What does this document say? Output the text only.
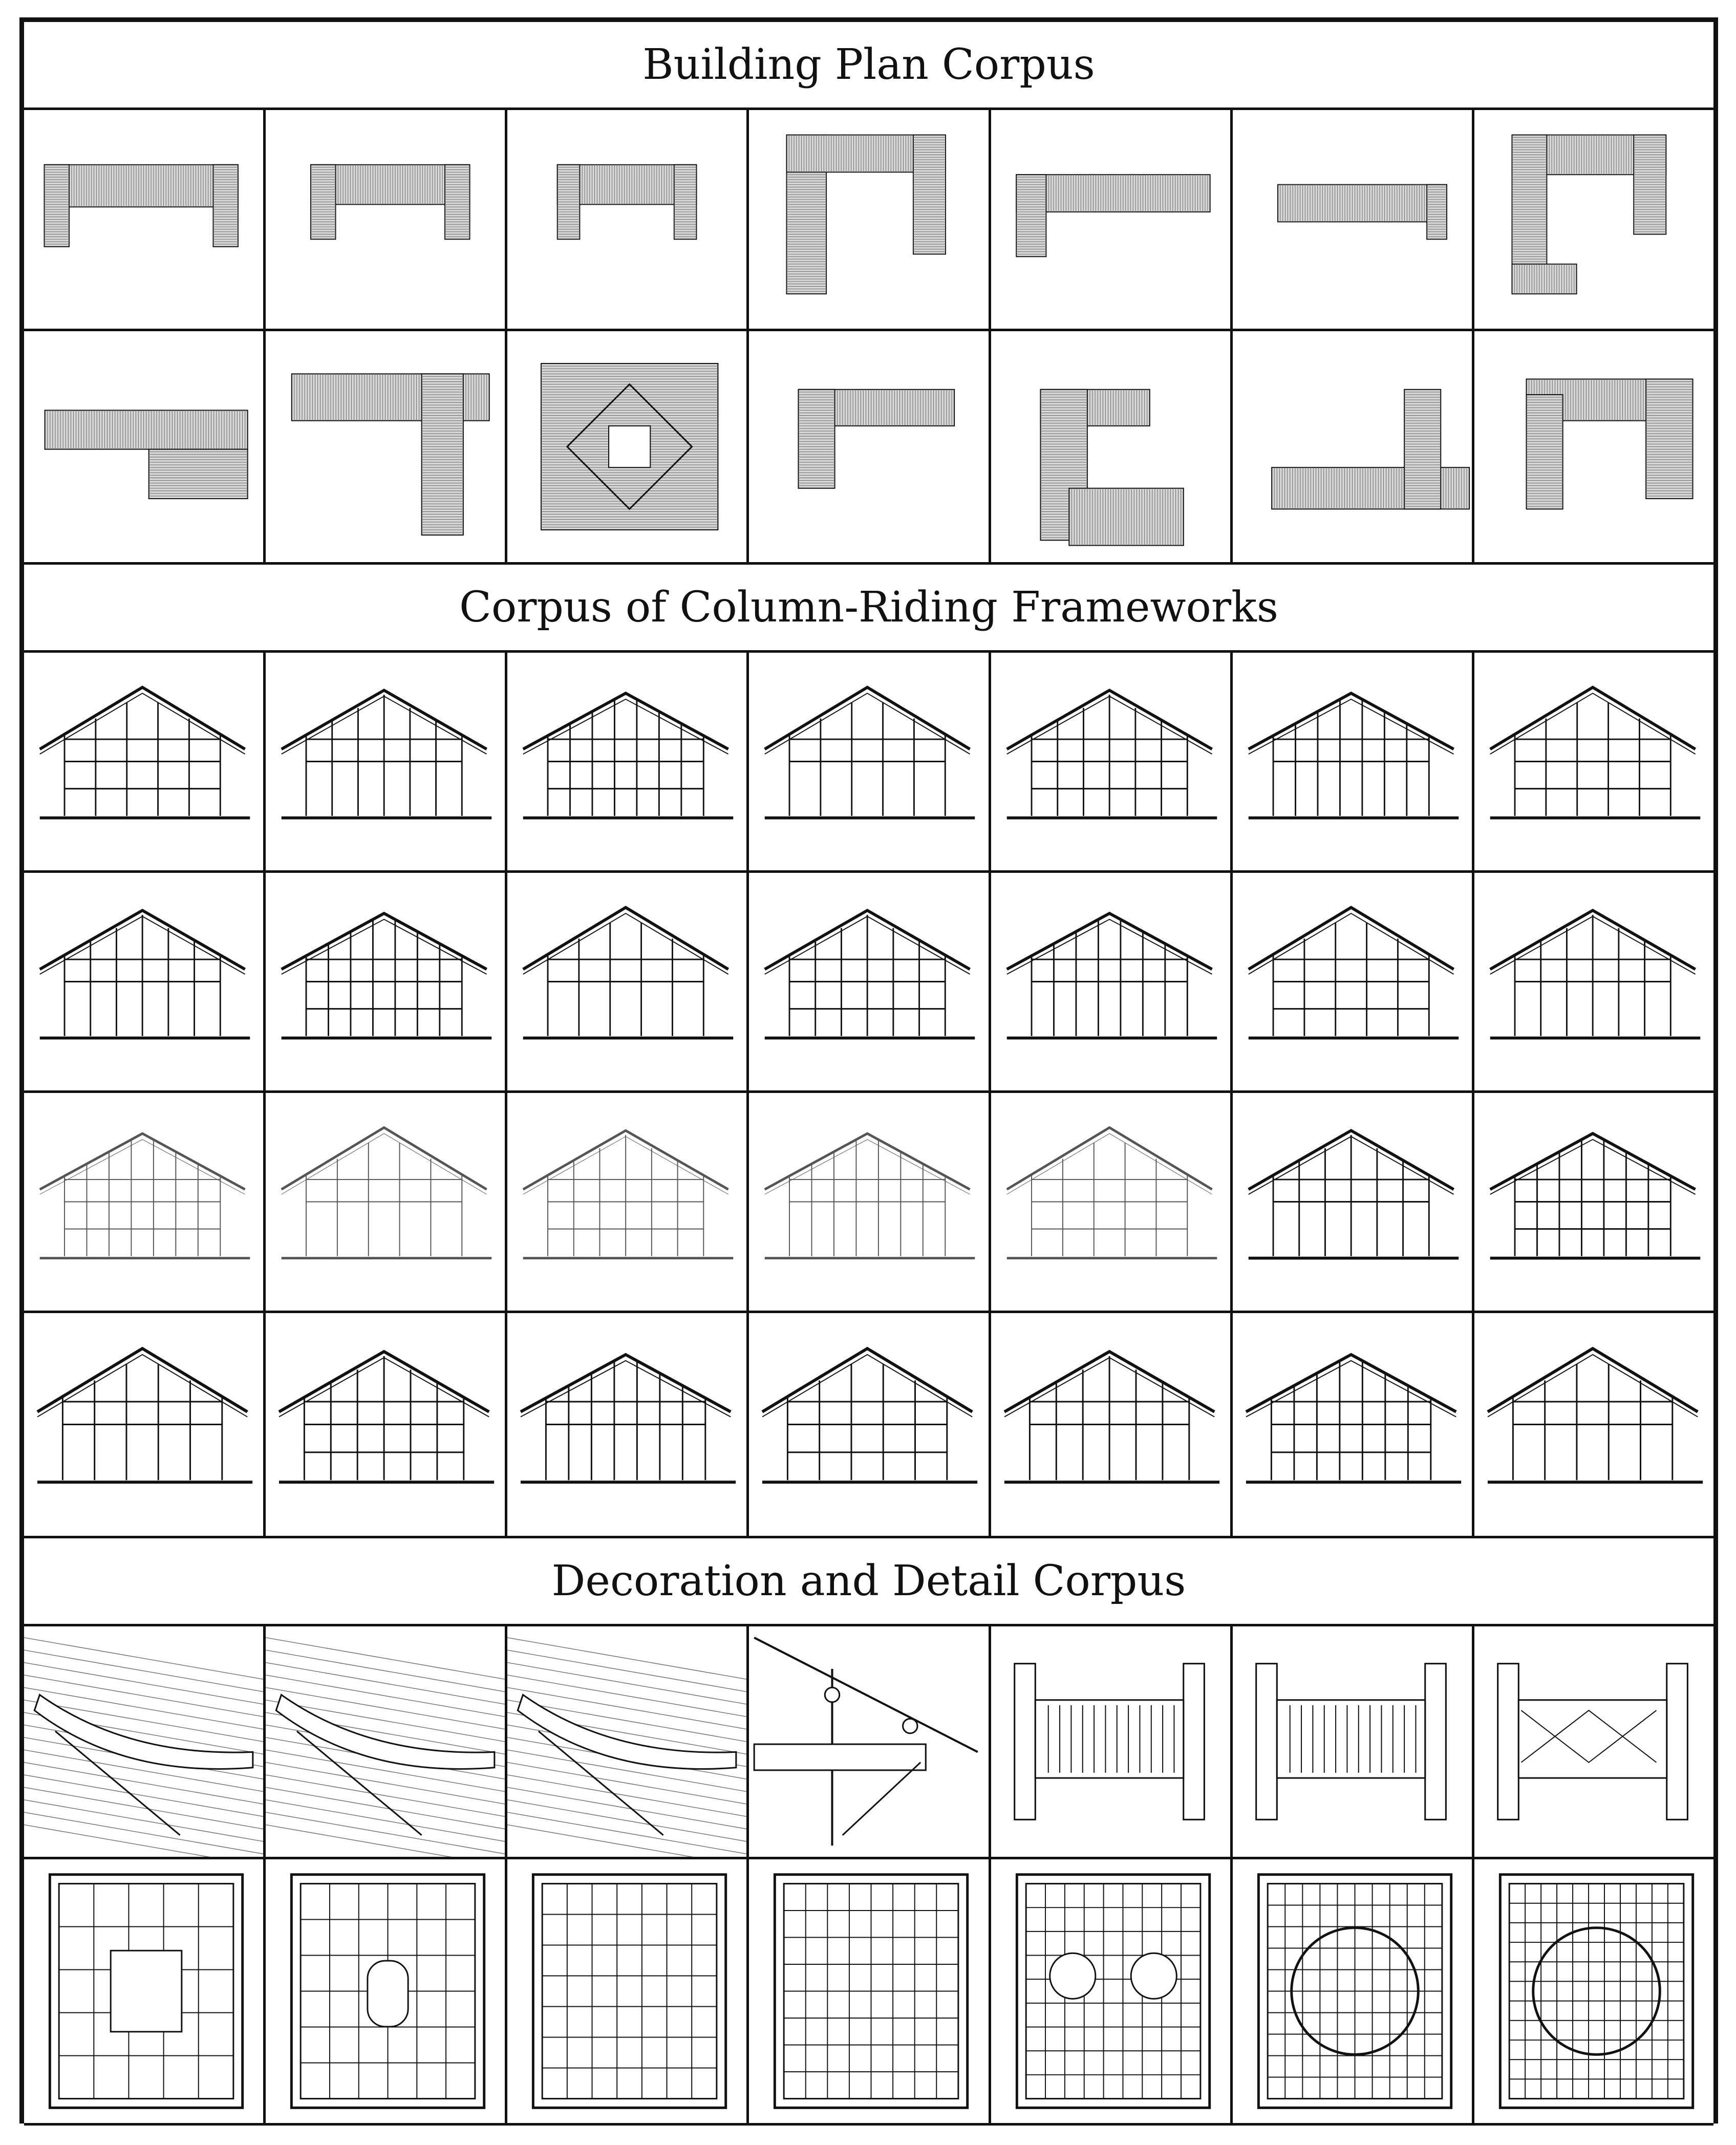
Building Plan Corpus
Corpus of Column-Riding Frameworks
Decoration and Detail Corpus
